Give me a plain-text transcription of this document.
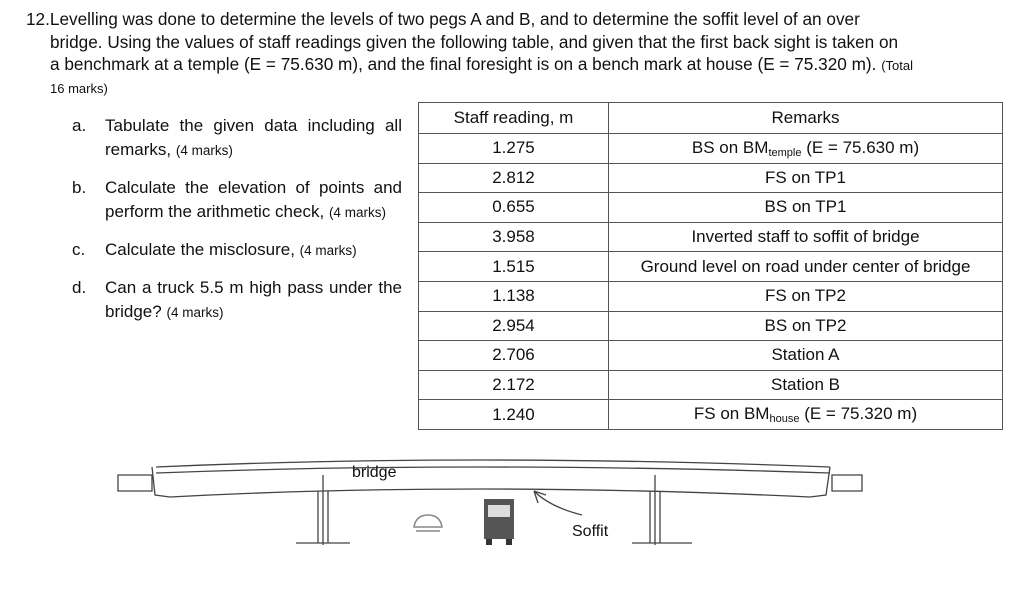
12.Levelling was done to determine the levels of two pegs A and B, and to determine the soffit level of an over
bridge. Using the values of staff readings given the following table, and given that the first back sight is taken on
a benchmark at a temple (E = 75.630 m), and the final foresight is on a bench mark at house (E = 75.320 m). (Total
16 marks)
a.	Tabulate the given data including all remarks, (4 marks)
b.	Calculate the elevation of points and perform the arithmetic check, (4 marks)
c.	Calculate the misclosure, (4 marks)
d.	Can a truck 5.5 m high pass under the bridge? (4 marks)
Staff reading, m	Remarks
1.275	BS on $BM_{temple}$ (E = 75.630 m)
2.812	FS on TP1
0.655	BS on TP1
3.958	Inverted staff to soffit of bridge
1.515	Ground level on road under center of bridge
1.138	FS on TP2
2.954	BS on TP2
2.706	Station A
2.172	Station B
1.240	FS on $BM_{house}$ (E = 75.320 m)
bridge
Soffit
